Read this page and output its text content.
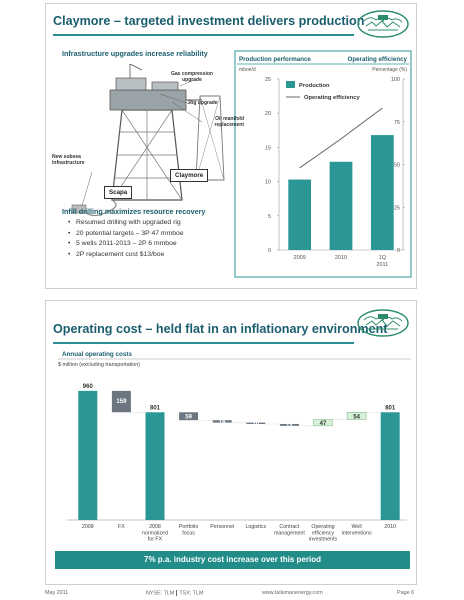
Claymore – targeted investment delivers production
Infrastructure upgrades increase reliability
Gas compression upgrade
Rig upgrade
Oil manifold replacement
New subsea infrastructure
Claymore
Scapa
Infill drilling maximizes resource recovery
• Resumed drilling with upgraded rig
• 20 potential targets – 3P 47 mmboe
• 5 wells 2011-2013 – 2P 6 mmboe
• 2P replacement cost $13/boe
Production performance	Operating efficiency
mboe/d	Percentage (%)
0
5
10
15
20
25
0
25
50
75
100
2009	2010	1Q
2011
Production
Operating efficiency
Operating cost – held flat in an inflationary environment
Annual operating costs
$ million (excluding transportation)
960
2008
159
FX
801
2008
normalized
for FX
59
Portfolio
focus
18
Personnel
10
Logistics
14
Contract
management
47
Operating
efficiency
investments
54
Well
interventions
801
2010
7% p.a. industry cost increase over this period
May 2011	NYSE: TLM TSX: TLM	www.talismanenergy.com	Page 6
